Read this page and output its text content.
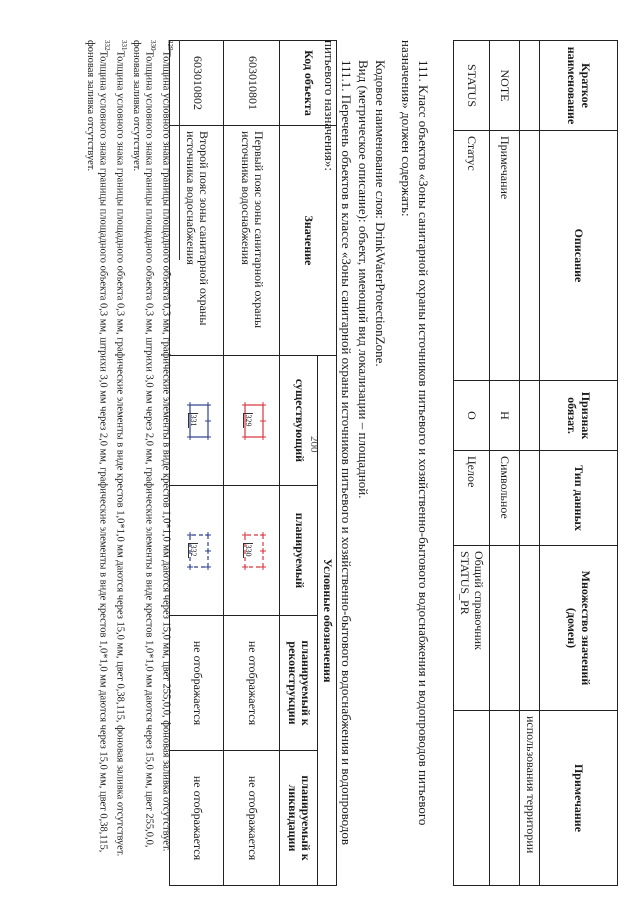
200
Краткое наименование	Описание	Признак обязат.	Тип данных	Множество значений (домен)	Примечание
					использования территории
NOTE	Примечание	Н	Символьное		
STATUS	Статус	О	Целое	Общий справочник STATUS_PR	
111. Класс объектов «Зоны санитарной охраны источников питьевого и хозяйственно-бытового водоснабжения и водопроводов питьевого назначения» должен содержать:
Кодовое наименование слоя: DrinkWaterProtectionZone.
Вид (метрическое описание): объект, имеющий вид локализации – площадной.
111.1. Перечень объектов в классе «Зоны санитарной охраны источников питьевого и хозяйственно-бытового водоснабжения и водопроводов питьевого назначения»:
Код объекта	Значение	Условные обозначения			
		существующий	планируемый	планируемый к реконструкции	планируемый к ликвидации
603010801	Первый пояс зоны санитарной охраны источника водоснабжения	329	330	не отображается	не отображается
603010802	Второй пояс зоны санитарной охраны источника водоснабжения	331	332	не отображается	не отображается

$^{329}$Толщина условного знака границы площадного объекта 0,3 мм, графические элементы в виде крестов 1,0*1,0 мм даются через 15,0 мм, цвет 255,0,0, фоновая заливка отсутствует.

$^{330}$Толщина условного знака границы площадного объекта 0,3 мм, штрихи 3,0 мм через 2,0 мм, графические элементы в виде крестов 1,0*1,0 мм даются через 15,0 мм, цвет 255,0,0, фоновая заливка отсутствует.

$^{331}$Толщина условного знака границы площадного объекта 0,3 мм, графические элементы в виде крестов 1,0*1,0 мм даются через 15,0 мм, цвет 0,38,115, фоновая заливка отсутствует.

$^{332}$Толщина условного знака границы площадного объекта 0,3 мм, штрихи 3,0 мм через 2,0 мм, графические элементы в виде крестов 1,0*1,0 мм даются через 15,0 мм, цвет 0,38,115, фоновая заливка отсутствует.
